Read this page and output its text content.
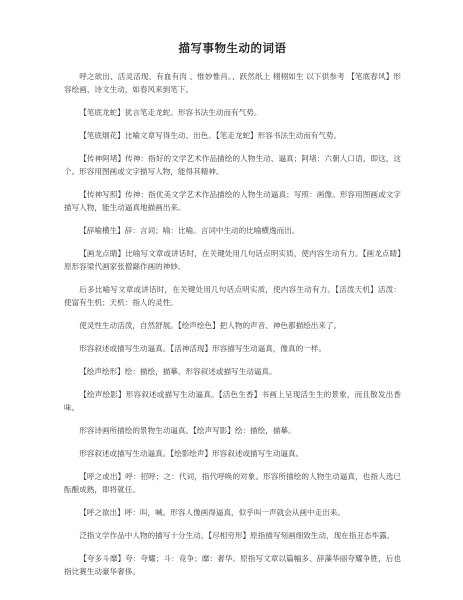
描写事物生动的词语

呼之欲出、活灵活现、有血有肉 、惟妙惟肖。、跃然纸上 栩栩如生 以下供参考 【笔底春风】形容绘画、诗文生动，如春风来到笔下。

【笔底龙蛇】犹言笔走龙蛇。形容书法生动而有气势。

【笔底烟花】比喻文章写得生动、出色。【笔走龙蛇】形容书法生动而有气势。

【传神阿堵】传神：指好的文学艺术作品描绘的人物生动、逼真；阿堵：六朝人口语，即这，这个。形容用图画或文字描写人物，能得其精神。

【传神写照】传神：指优美文学艺术作品描绘的人物生动逼真；写照：画像。形容用图画或文字描写人物，能生动逼真地描画出来。

【辞喻横生】辞：言词；喻：比喻。言词中生动的比喻横逸而出。

【画龙点睛】比喻写文章或讲话时，在关键处用几句话点明实质，使内容生动有力。【画龙点睛】原形容梁代画家张僧繇作画的神妙。

后多比喻写文章或讲话时，在关键处用几句话点明实质，使内容生动有力。【活泼天机】活泼：使富有生机；天机：指人的灵性。

使灵性生动活泼，自然舒展。【绘声绘色】把人物的声音、神色都描绘出来了。

形容叙述或描写生动逼真。【活神活现】形容描写生动逼真，像真的一样。

【绘声绘形】绘：描绘，描摹。形容叙述或描写生动逼真。

【绘声绘影】形容叙述或描写生动逼真。【活色生香】书画上呈现活生生的景象，而且散发出香味。

形容诗画所描绘的景物生动逼真。【绘声写影】绘：描绘，描摹。

形容叙述或描写生动逼真。【绘影绘声】形容叙述或描写生动逼真。

【呼之或出】呼：招呼；之：代词，指代呼唤的对象。形容所描绘的人物生动逼真，也指人选已酝酿成熟，即将就任。

【呼之欲出】呼：叫，喊。形容人像画得逼真，似乎叫一声就会从画中走出来。

泛指文学作品中人物的描写十分生动。【尽相穷形】原指描写刻画细致生动，现在指丑态毕露。

【夸多斗靡】夸：夸耀；斗：竞争；靡：奢华。原指写文章以篇幅多、辞藻华丽夸耀争胜，后也指比赛生动豪华奢侈。
